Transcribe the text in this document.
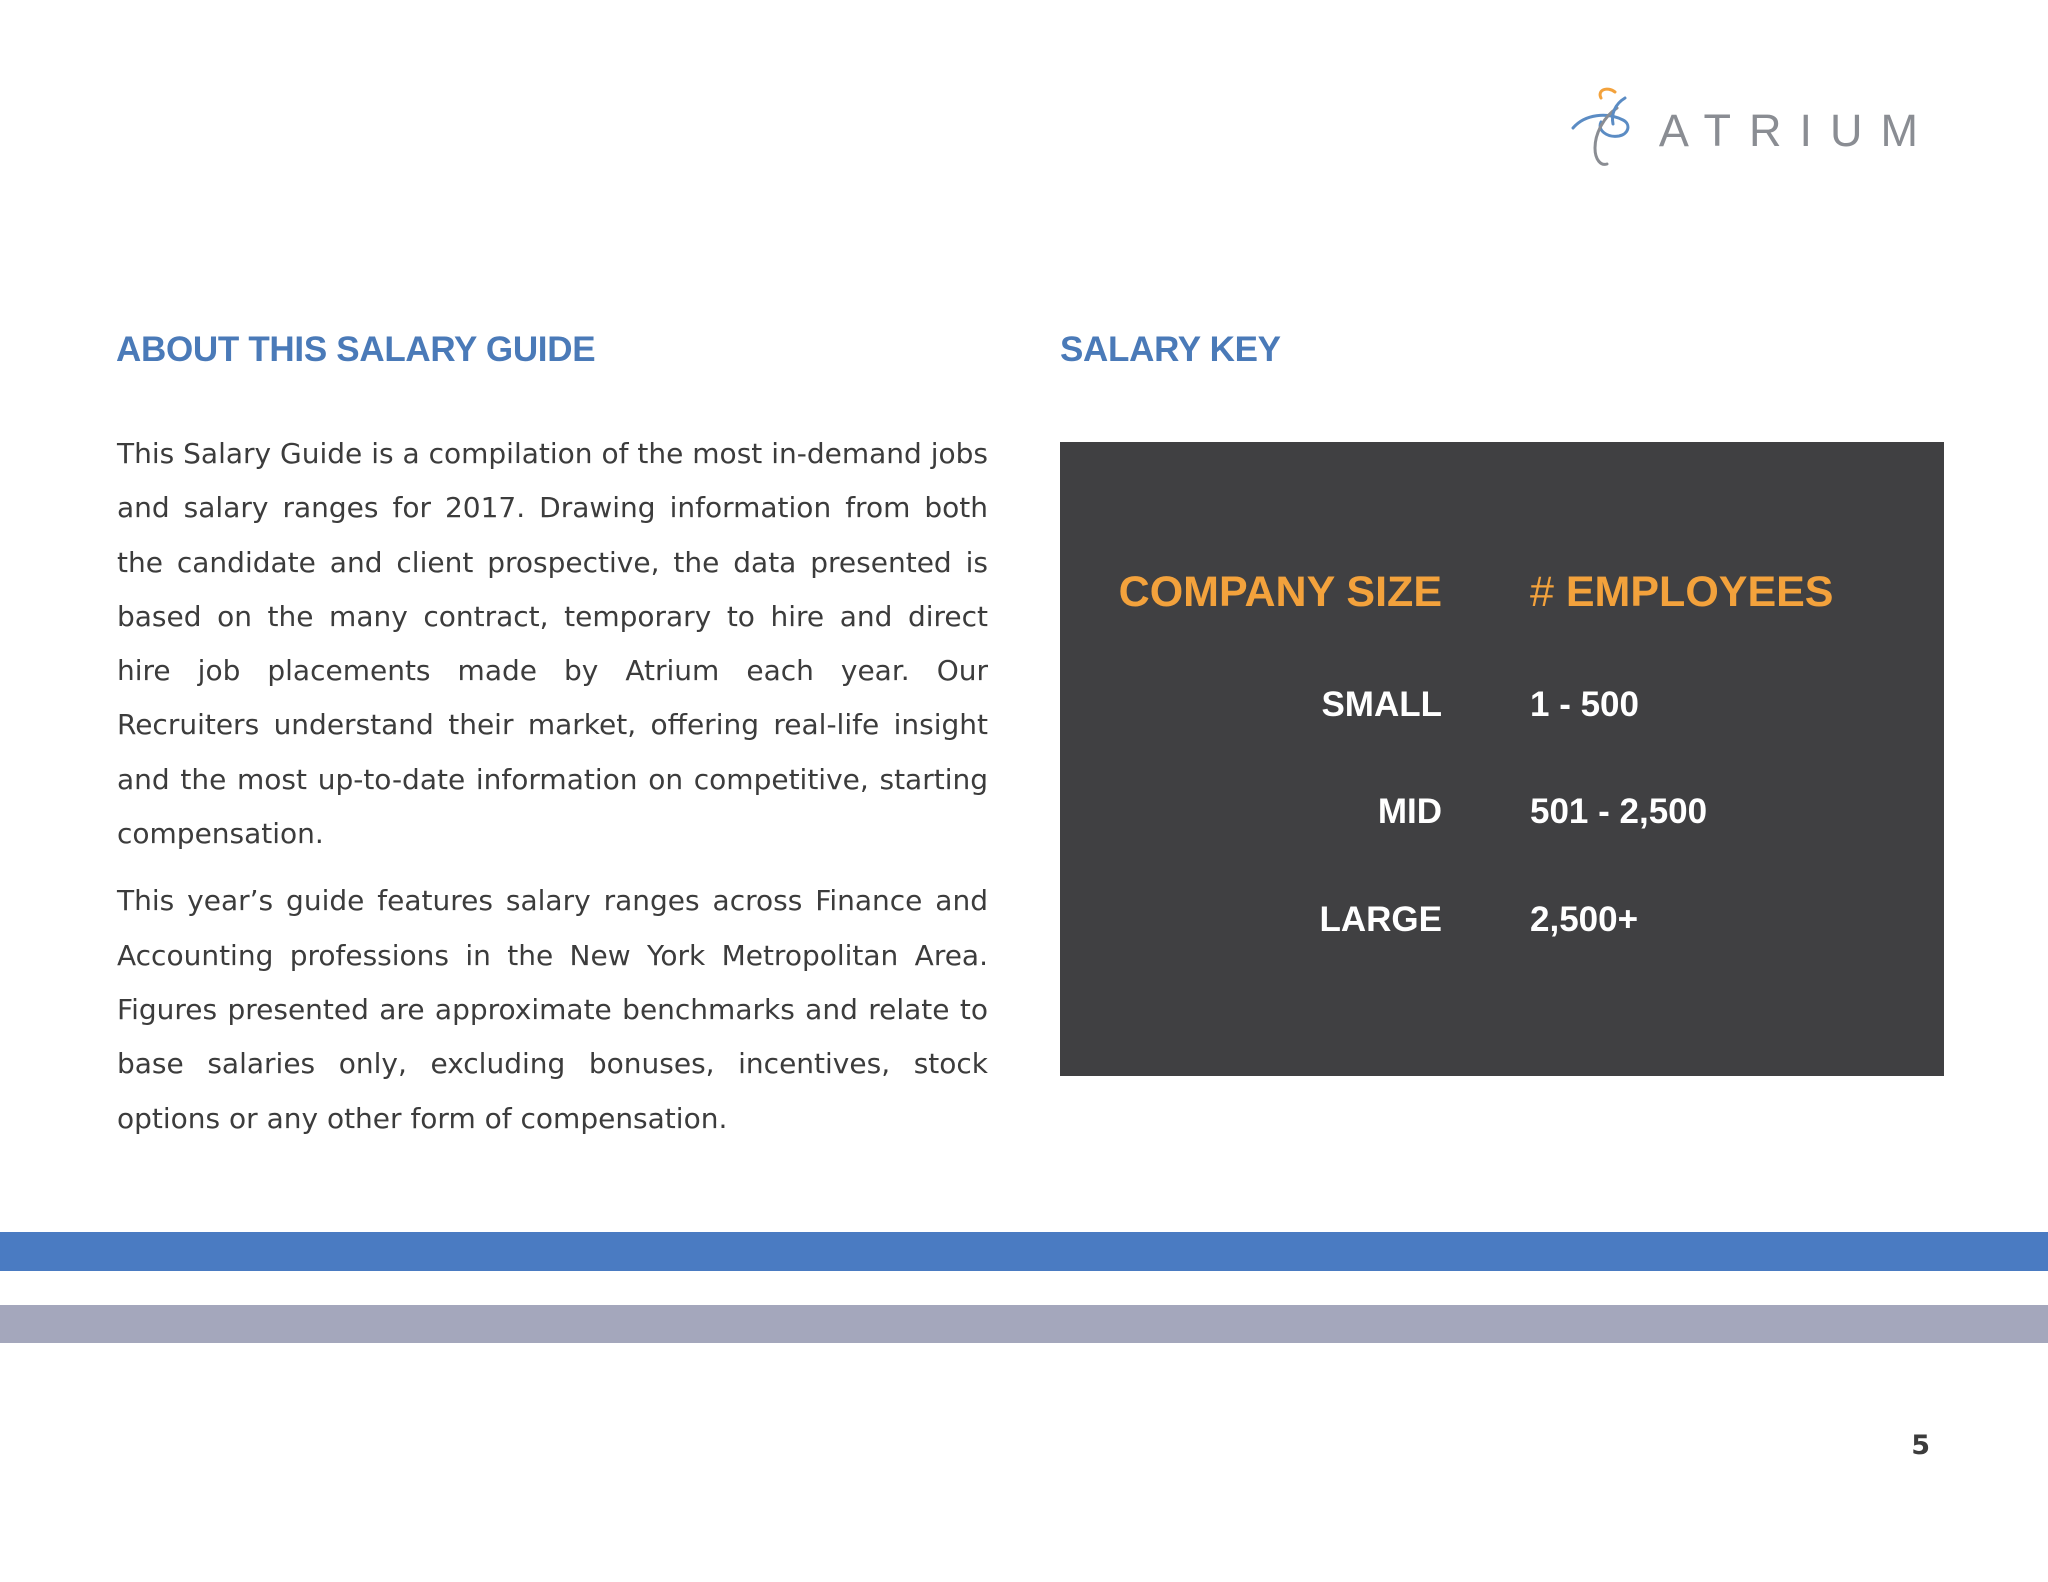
ATRIUM
ABOUT THIS SALARY GUIDE	SALARY KEY

This Salary Guide is a compilation of the most in-demand jobs and salary ranges for 2017. Drawing information from both the candidate and client prospective, the data presented is based on the many contract, temporary to hire and direct hire job placements made by Atrium each year. Our Recruiters understand their market, offering real-life insight and the most up-to-date information on competitive, starting compensation.

This year’s guide features salary ranges across Finance and Accounting professions in the New York Metropolitan Area. Figures presented are approximate benchmarks and relate to base salaries only, excluding bonuses, incentives, stock options or any other form of compensation.

COMPANY SIZE # EMPLOYEES
SMALL	1 - 500
MID	501 - 2,500
LARGE	2,500+
5
